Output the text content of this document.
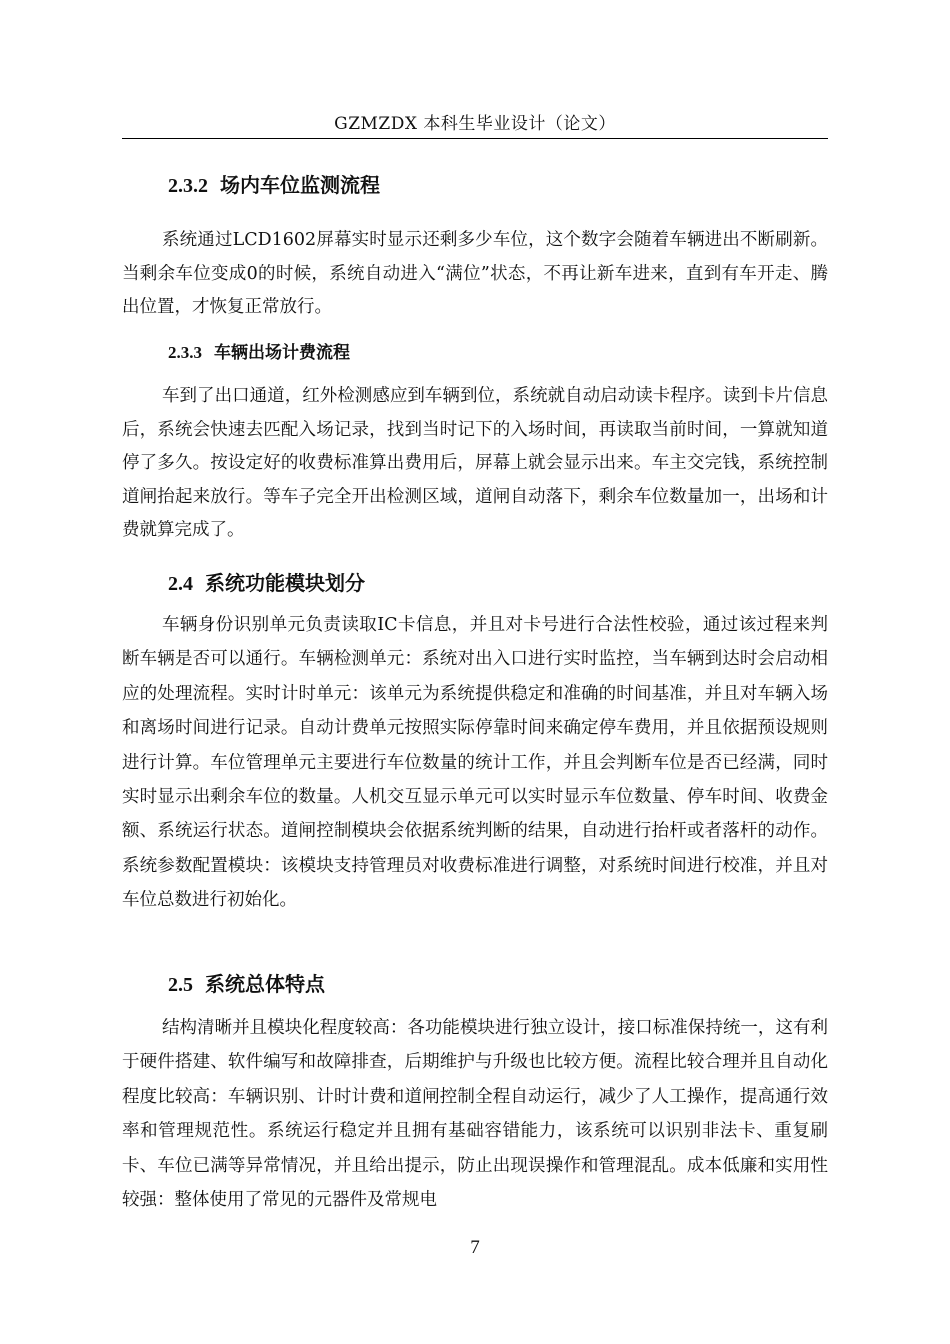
GZMZDX 本科生毕业设计（论文）
2.3.2 场内车位监测流程

系统通过LCD1602屏幕实时显示还剩多少车位，这个数字会随着车辆进出不断刷新。当剩余车位变成0的时候，系统自动进入“满位”状态，不再让新车进来，直到有车开走、腾出位置，才恢复正常放行。

2.3.3 车辆出场计费流程

车到了出口通道，红外检测感应到车辆到位，系统就自动启动读卡程序。读到卡片信息后，系统会快速去匹配入场记录，找到当时记下的入场时间，再读取当前时间，一算就知道停了多久。按设定好的收费标准算出费用后，屏幕上就会显示出来。车主交完钱，系统控制道闸抬起来放行。等车子完全开出检测区域，道闸自动落下，剩余车位数量加一，出场和计费就算完成了。

2.4 系统功能模块划分

车辆身份识别单元负责读取IC卡信息，并且对卡号进行合法性校验，通过该过程来判断车辆是否可以通行。车辆检测单元：系统对出入口进行实时监控，当车辆到达时会启动相应的处理流程。实时计时单元：该单元为系统提供稳定和准确的时间基准，并且对车辆入场和离场时间进行记录。自动计费单元按照实际停靠时间来确定停车费用，并且依据预设规则进行计算。车位管理单元主要进行车位数量的统计工作，并且会判断车位是否已经满，同时实时显示出剩余车位的数量。人机交互显示单元可以实时显示车位数量、停车时间、收费金额、系统运行状态。道闸控制模块会依据系统判断的结果，自动进行抬杆或者落杆的动作。系统参数配置模块：该模块支持管理员对收费标准进行调整，对系统时间进行校准，并且对车位总数进行初始化。

2.5 系统总体特点

结构清晰并且模块化程度较高：各功能模块进行独立设计，接口标准保持统一，这有利于硬件搭建、软件编写和故障排查，后期维护与升级也比较方便。流程比较合理并且自动化程度比较高：车辆识别、计时计费和道闸控制全程自动运行，减少了人工操作，提高通行效率和管理规范性。系统运行稳定并且拥有基础容错能力，该系统可以识别非法卡、重复刷卡、车位已满等异常情况，并且给出提示，防止出现误操作和管理混乱。成本低廉和实用性较强：整体使用了常见的元器件及常规电

7
